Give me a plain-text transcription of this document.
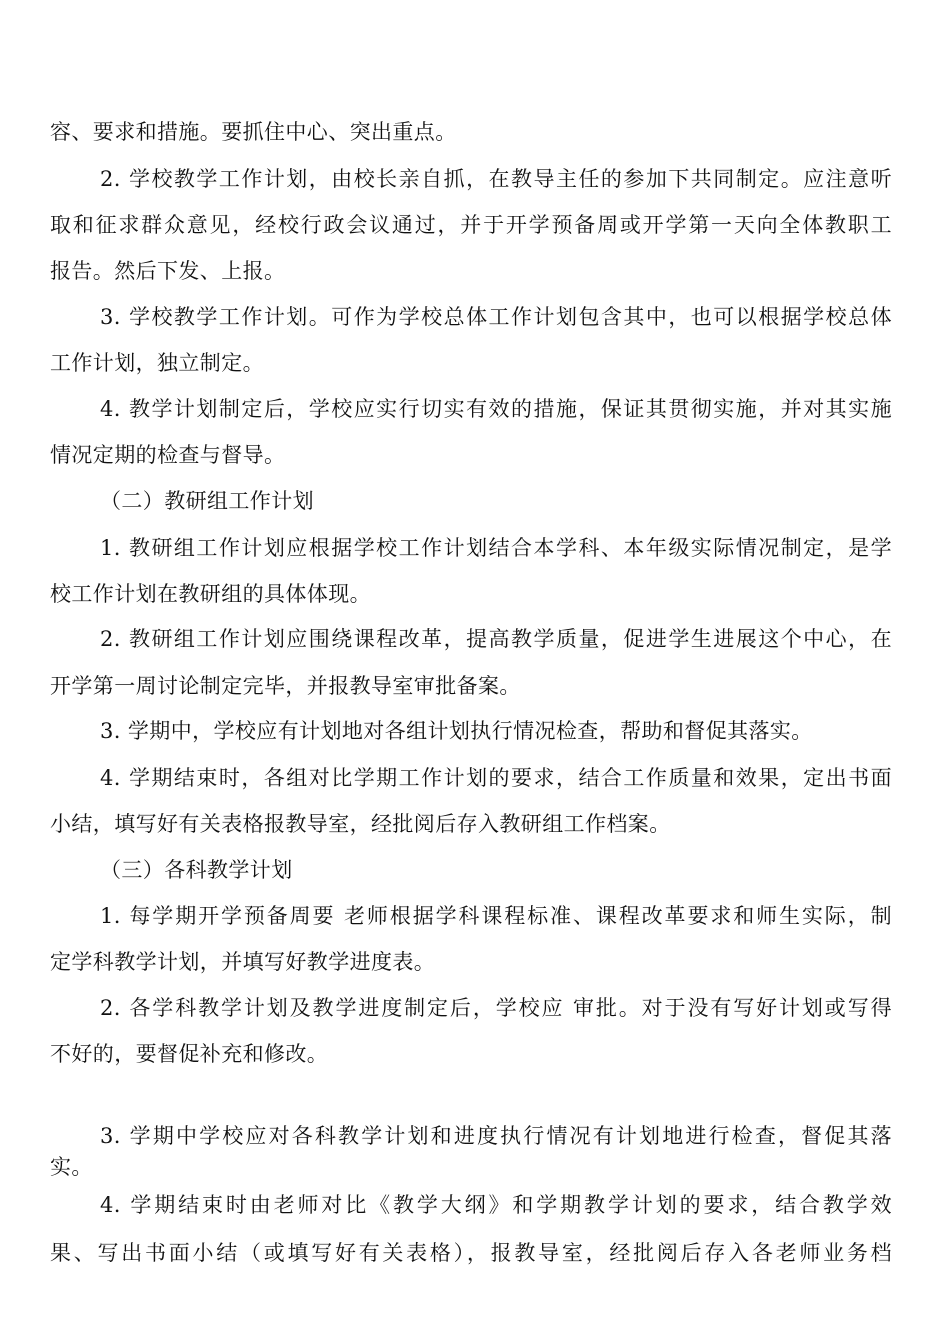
容、要求和措施。要抓住中心、突出重点。
2. 学校教学工作计划，由校长亲自抓，在教导主任的参加下共同制定。应注意听
取和征求群众意见，经校行政会议通过，并于开学预备周或开学第一天向全体教职工
报告。然后下发、上报。
3. 学校教学工作计划。可作为学校总体工作计划包含其中，也可以根据学校总体
工作计划，独立制定。
4. 教学计划制定后，学校应实行切实有效的措施，保证其贯彻实施，并对其实施
情况定期的检查与督导。
（二）教研组工作计划
1. 教研组工作计划应根据学校工作计划结合本学科、本年级实际情况制定，是学
校工作计划在教研组的具体体现。
2. 教研组工作计划应围绕课程改革，提高教学质量，促进学生进展这个中心，在
开学第一周讨论制定完毕，并报教导室审批备案。
3. 学期中，学校应有计划地对各组计划执行情况检查，帮助和督促其落实。
4. 学期结束时，各组对比学期工作计划的要求，结合工作质量和效果，定出书面
小结，填写好有关表格报教导室，经批阅后存入教研组工作档案。
（三）各科教学计划
1. 每学期开学预备周要 老师根据学科课程标准、课程改革要求和师生实际，制
定学科教学计划，并填写好教学进度表。
2. 各学科教学计划及教学进度制定后，学校应 审批。对于没有写好计划或写得
不好的，要督促补充和修改。
3. 学期中学校应对各科教学计划和进度执行情况有计划地进行检查，督促其落
实。
4. 学期结束时由老师对比《教学大纲》和学期教学计划的要求，结合教学效
果、写出书面小结（或填写好有关表格），报教导室，经批阅后存入各老师业务档
